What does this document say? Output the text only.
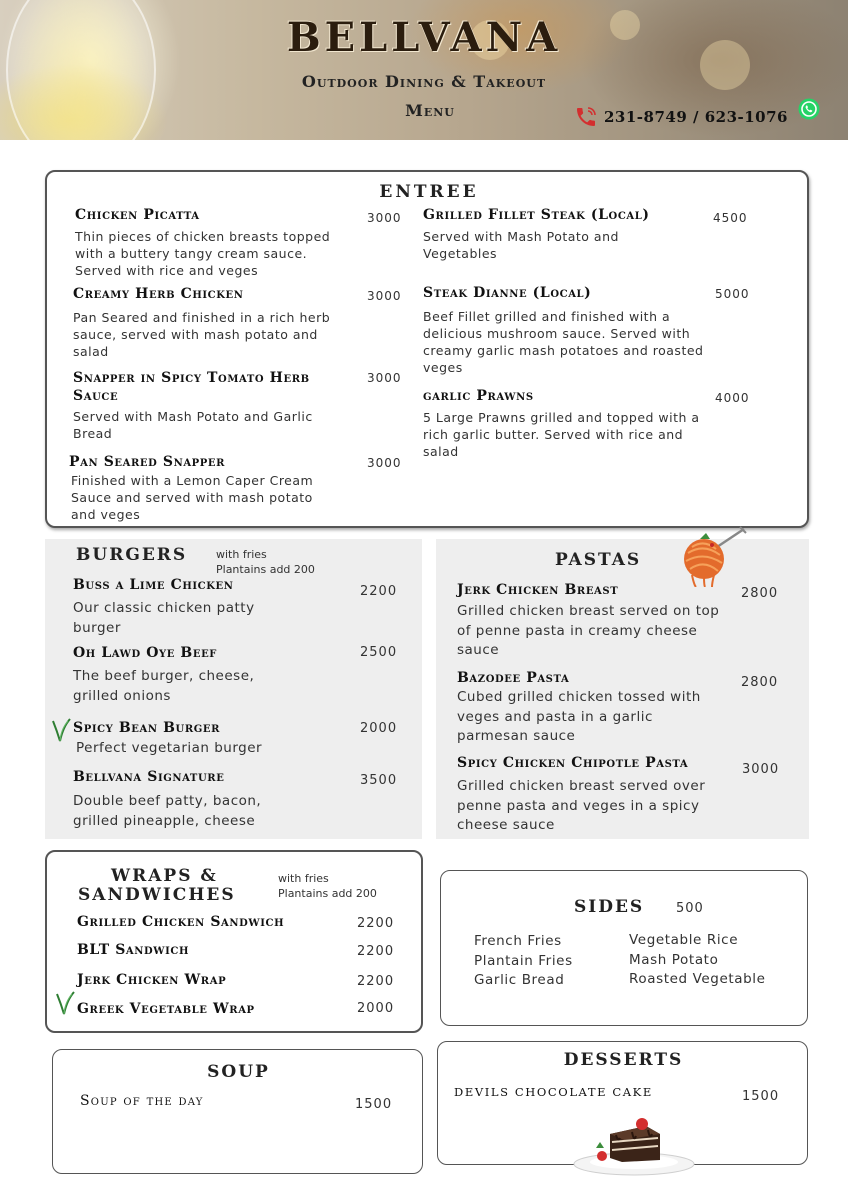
BELLVANA
Outdoor Dining & Takeout
Menu	231-8749 / 623-1076
ENTREE
Chicken Picatta	3000
Thin pieces of chicken breasts topped with a buttery tangy cream sauce. Served with rice and veges
Creamy Herb Chicken	3000
Pan Seared and finished in a rich herb sauce, served with mash potato and salad
Snapper in Spicy Tomato Herb Sauce
3000
Served with Mash Potato and Garlic Bread
Pan Seared Snapper	3000
Finished with a Lemon Caper Cream Sauce and served with mash potato and veges
Grilled Fillet Steak (Local)	4500
Served with Mash Potato and Vegetables
Steak Dianne (Local)	5000
Beef Fillet grilled and finished with a delicious mushroom sauce. Served with creamy garlic mash potatoes and roasted veges
garlic Prawns	4000
5 Large Prawns grilled and topped with a rich garlic butter. Served with rice and salad
BURGERS	with fries
Plantains add 200
Buss a Lime Chicken	2200
Our classic chicken patty burger
Oh Lawd Oye Beef	2500
The beef burger, cheese, grilled onions
Spicy Bean Burger	2000
Perfect vegetarian burger
Bellvana Signature	3500
Double beef patty, bacon, grilled pineapple, cheese
PASTAS
Jerk Chicken Breast	2800
Grilled chicken breast served on top of penne pasta in creamy cheese sauce
Bazodee Pasta	2800
Cubed grilled chicken tossed with veges and pasta in a garlic parmesan sauce
Spicy Chicken Chipotle Pasta	3000
Grilled chicken breast served over penne pasta and veges in a spicy cheese sauce
WRAPS &
SANDWICHES
with fries
Plantains add 200
Grilled Chicken Sandwich	2200
BLT Sandwich	2200
Jerk Chicken Wrap	2200
Greek Vegetable Wrap	2000
SIDES 500
French Fries
Plantain Fries
Garlic Bread
Vegetable Rice
Mash Potato
Roasted Vegetable
SOUP
Soup of the day	1500
DESSERTS
DEVILS CHOCOLATE CAKE	1500
